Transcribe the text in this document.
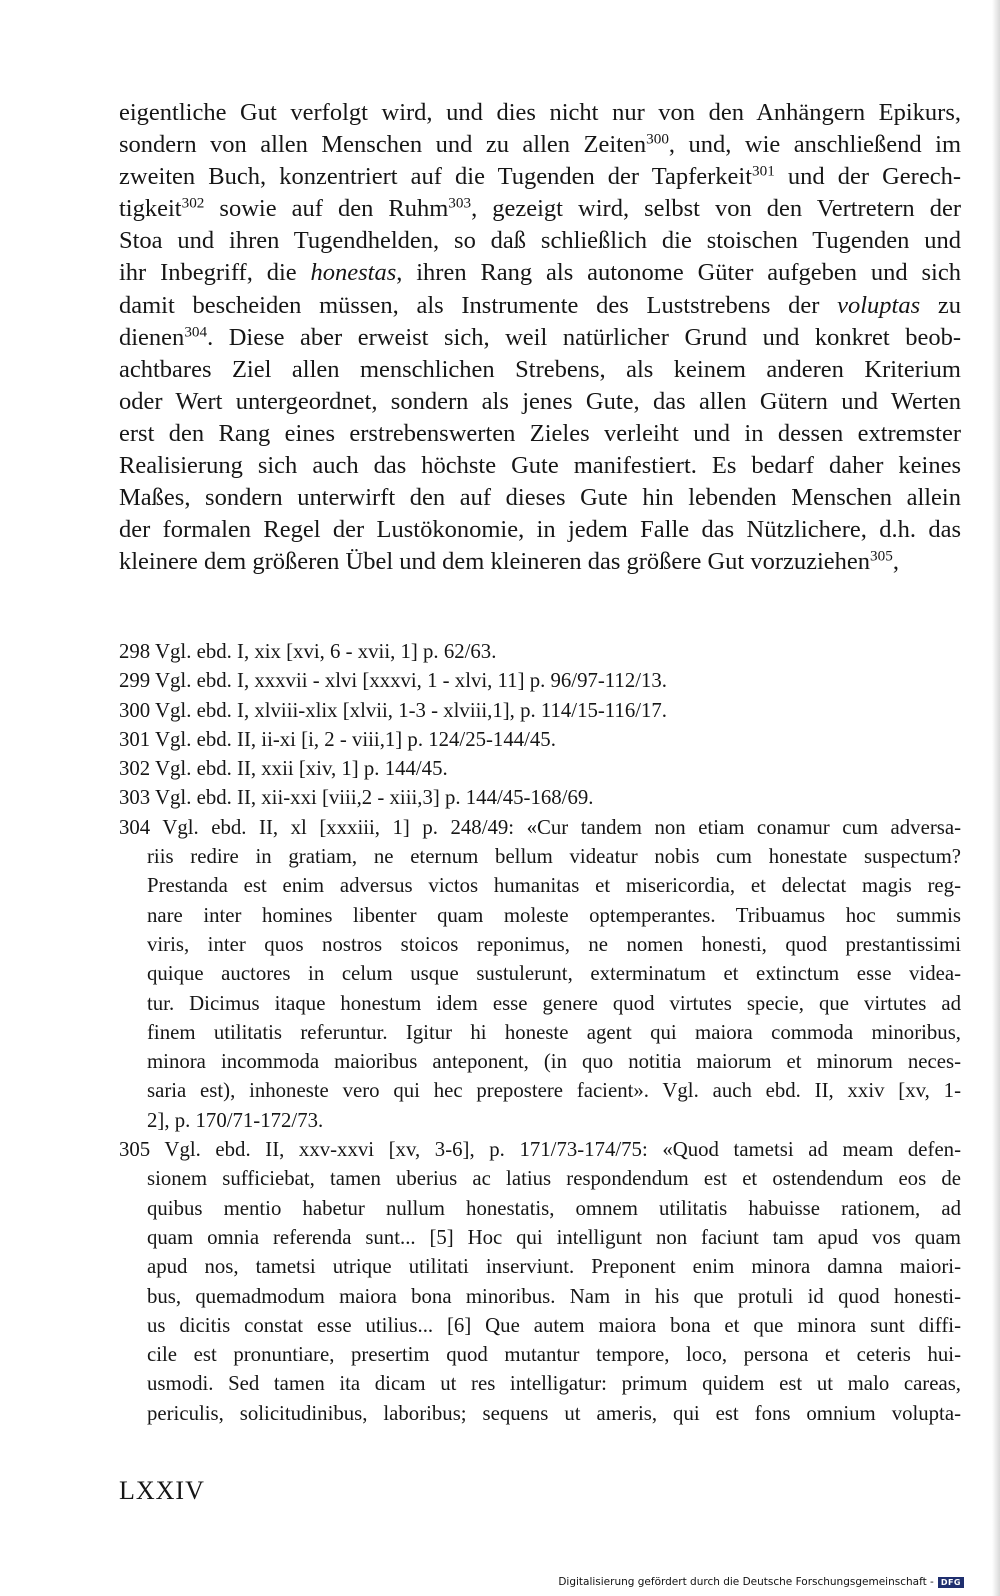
eigentliche Gut verfolgt wird, und dies nicht nur von den Anhängern Epikurs,
sondern von allen Menschen und zu allen Zeiten$^{300}$, und, wie anschließend im
zweiten Buch, konzentriert auf die Tugenden der Tapferkeit$^{301}$ und der Gerech-
tigkeit$^{302}$ sowie auf den Ruhm$^{303}$, gezeigt wird, selbst von den Vertretern der
Stoa und ihren Tugendhelden, so daß schließlich die stoischen Tugenden und
ihr Inbegriff, die honestas, ihren Rang als autonome Güter aufgeben und sich
damit bescheiden müssen, als Instrumente des Luststrebens der voluptas zu
dienen$^{304}$. Diese aber erweist sich, weil natürlicher Grund und konkret beob-
achtbares Ziel allen menschlichen Strebens, als keinem anderen Kriterium
oder Wert untergeordnet, sondern als jenes Gute, das allen Gütern und Werten
erst den Rang eines erstrebenswerten Zieles verleiht und in dessen extremster
Realisierung sich auch das höchste Gute manifestiert. Es bedarf daher keines
Maßes, sondern unterwirft den auf dieses Gute hin lebenden Menschen allein
der formalen Regel der Lustökonomie, in jedem Falle das Nützlichere, d.h. das
kleinere dem größeren Übel und dem kleineren das größere Gut vorzuziehen$^{305}$,
298 Vgl. ebd. I, xix [xvi, 6 - xvii, 1] p. 62/63.
299 Vgl. ebd. I, xxxvii - xlvi [xxxvi, 1 - xlvi, 11] p. 96/97-112/13.
300 Vgl. ebd. I, xlviii-xlix [xlvii, 1-3 - xlviii,1], p. 114/15-116/17.
301 Vgl. ebd. II, ii-xi [i, 2 - viii,1] p. 124/25-144/45.
302 Vgl. ebd. II, xxii [xiv, 1] p. 144/45.
303 Vgl. ebd. II, xii-xxi [viii,2 - xiii,3] p. 144/45-168/69.
304 Vgl. ebd. II, xl [xxxiii, 1] p. 248/49: «Cur tandem non etiam conamur cum adversa-
riis redire in gratiam, ne eternum bellum videatur nobis cum honestate suspectum?
Prestanda est enim adversus victos humanitas et misericordia, et delectat magis reg-
nare inter homines libenter quam moleste optemperantes. Tribuamus hoc summis
viris, inter quos nostros stoicos reponimus, ne nomen honesti, quod prestantissimi
quique auctores in celum usque sustulerunt, exterminatum et extinctum esse videa-
tur. Dicimus itaque honestum idem esse genere quod virtutes specie, que virtutes ad
finem utilitatis referuntur. Igitur hi honeste agent qui maiora commoda minoribus,
minora incommoda maioribus anteponent, (in quo notitia maiorum et minorum neces-
saria est), inhoneste vero qui hec prepostere facient». Vgl. auch ebd. II, xxiv [xv, 1-
2], p. 170/71-172/73.
305 Vgl. ebd. II, xxv-xxvi [xv, 3-6], p. 171/73-174/75: «Quod tametsi ad meam defen-
sionem sufficiebat, tamen uberius ac latius respondendum est et ostendendum eos de
quibus mentio habetur nullum honestatis, omnem utilitatis habuisse rationem, ad
quam omnia referenda sunt... [5] Hoc qui intelligunt non faciunt tam apud vos quam
apud nos, tametsi utrique utilitati inserviunt. Preponent enim minora damna maiori-
bus, quemadmodum maiora bona minoribus. Nam in his que protuli id quod honesti-
us dicitis constat esse utilius... [6] Que autem maiora bona et que minora sunt diffi-
cile est pronuntiare, presertim quod mutantur tempore, loco, persona et ceteris hui-
usmodi. Sed tamen ita dicam ut res intelligatur: primum quidem est ut malo careas,
periculis, solicitudinibus, laboribus; sequens ut ameris, qui est fons omnium volupta-
LXXIV
Digitalisierung gefördert durch die Deutsche Forschungsgemeinschaft - DFG
